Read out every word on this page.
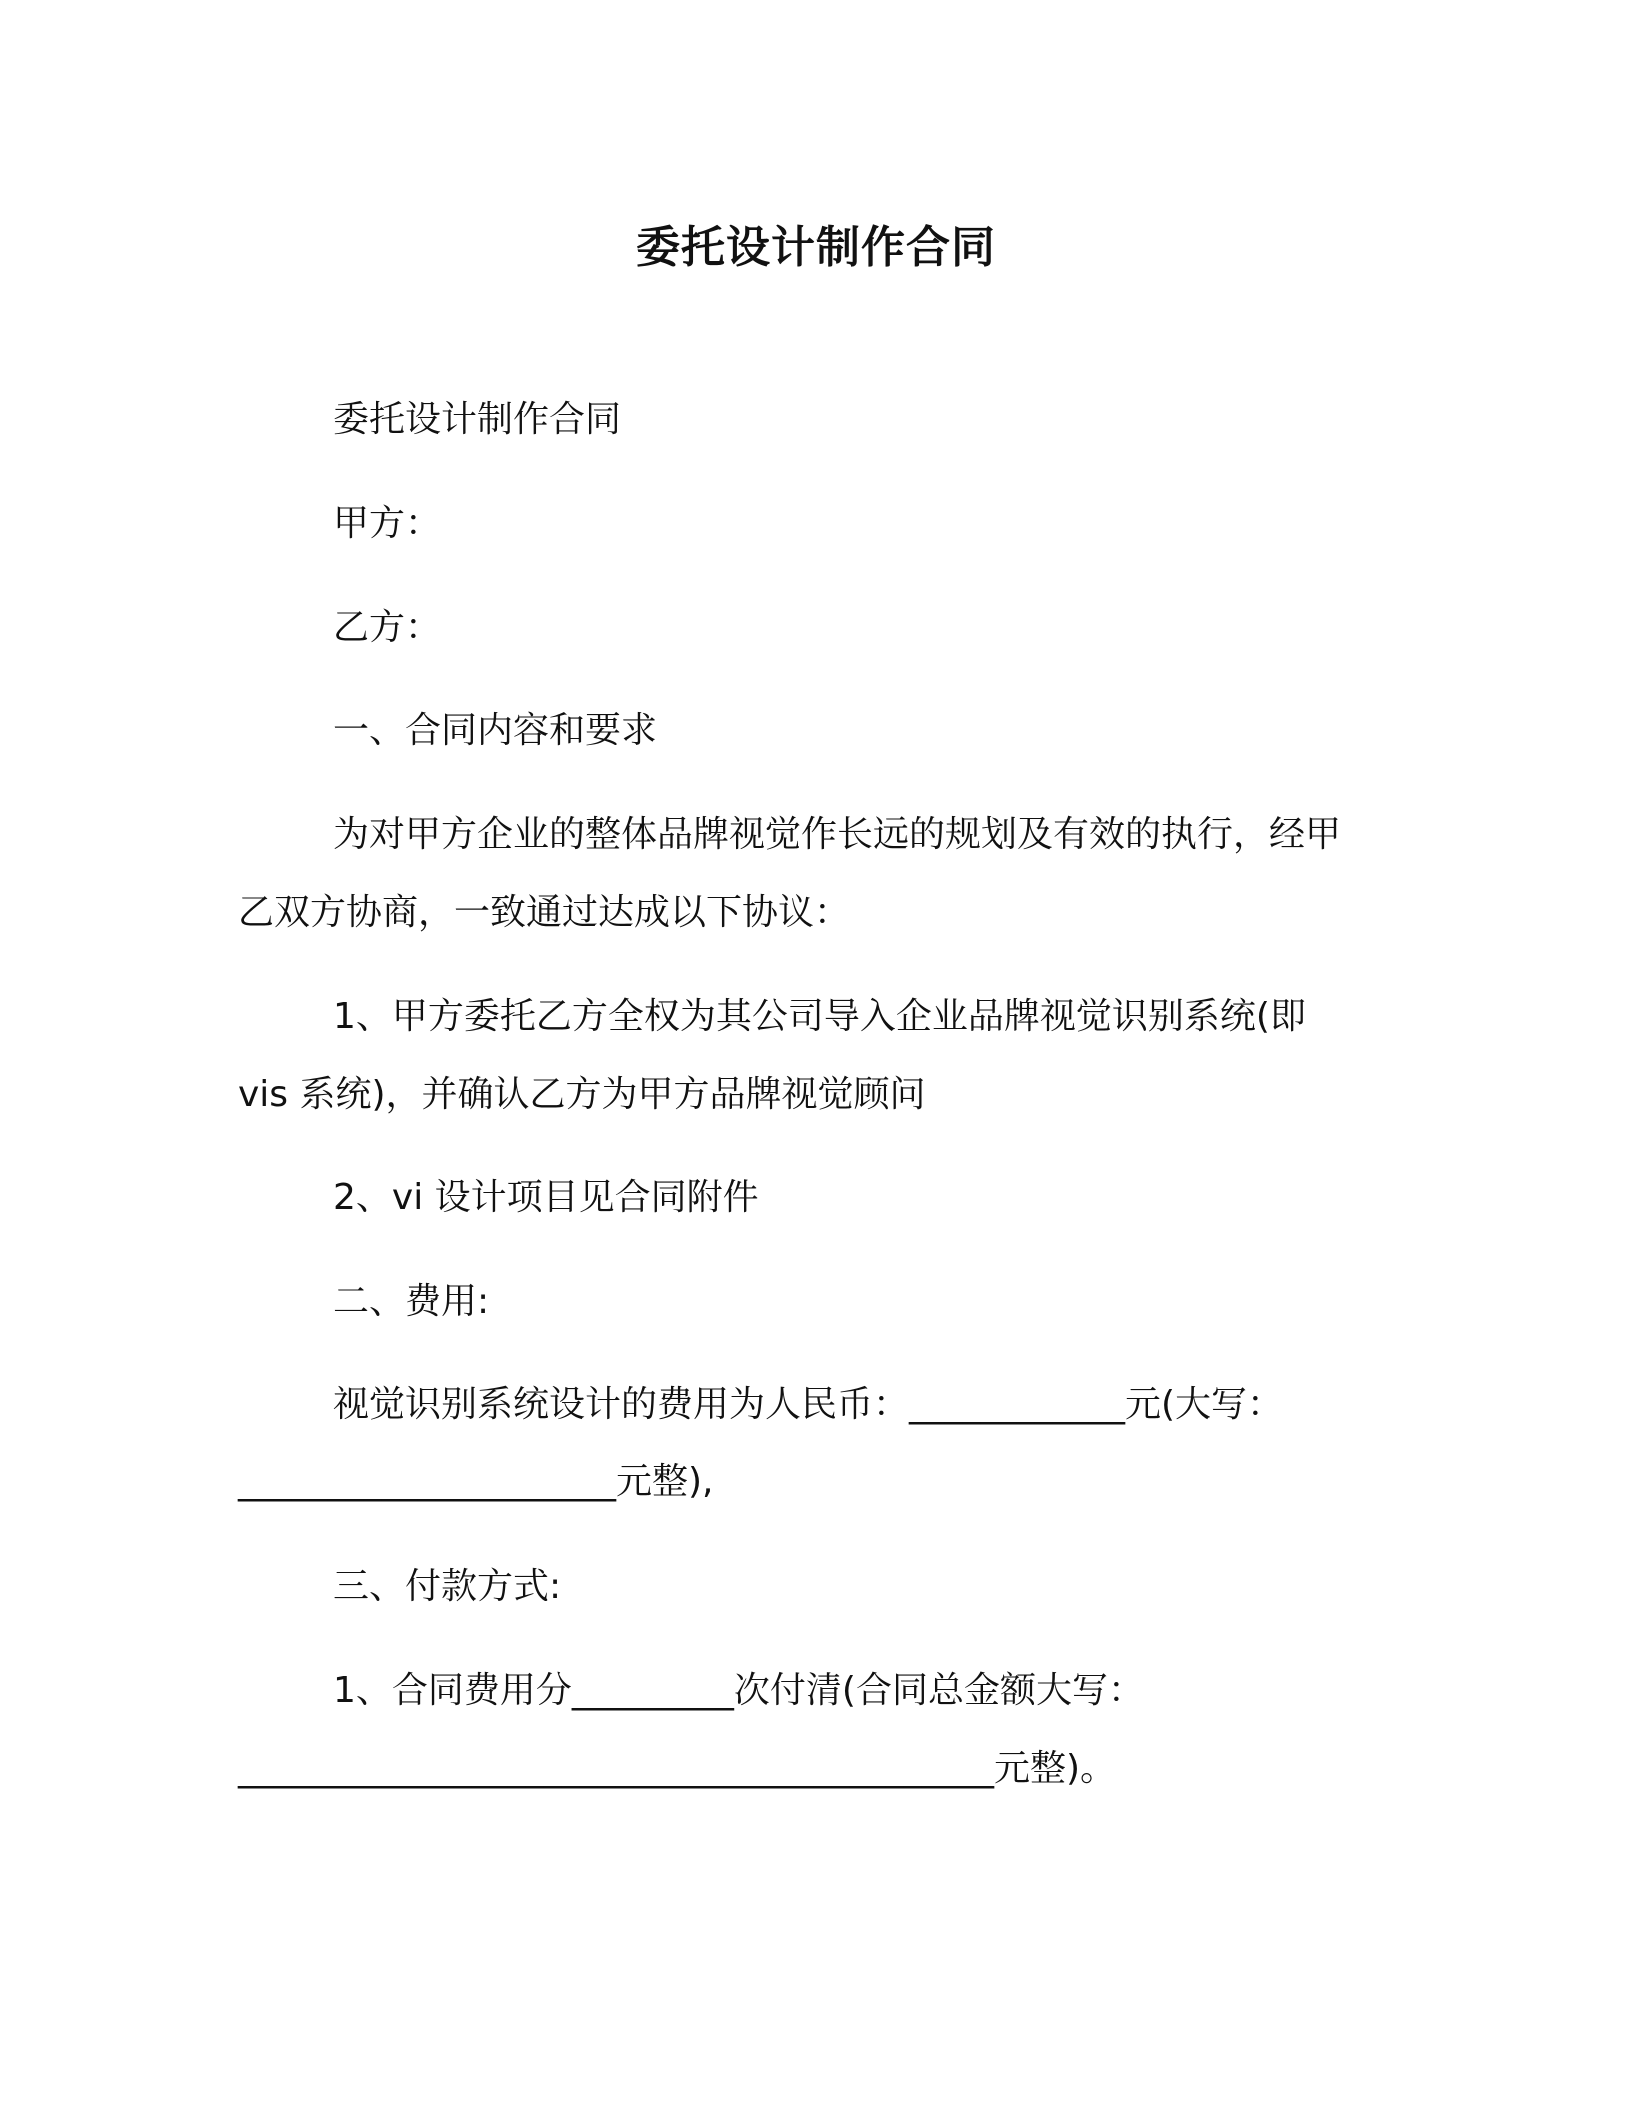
委托设计制作合同
委托设计制作合同
甲方：
乙方：
一、合同内容和要求
为对甲方企业的整体品牌视觉作长远的规划及有效的执行，经甲
乙双方协商，一致通过达成以下协议：
1、甲方委托乙方全权为其公司导入企业品牌视觉识别系统(即
vis 系统)，并确认乙方为甲方品牌视觉顾问
2、vi 设计项目见合同附件
二、费用:
视觉识别系统设计的费用为人民币：____________元(大写：
_____________________元整),
三、付款方式:
1、合同费用分_________次付清(合同总金额大写：
__________________________________________元整)。
